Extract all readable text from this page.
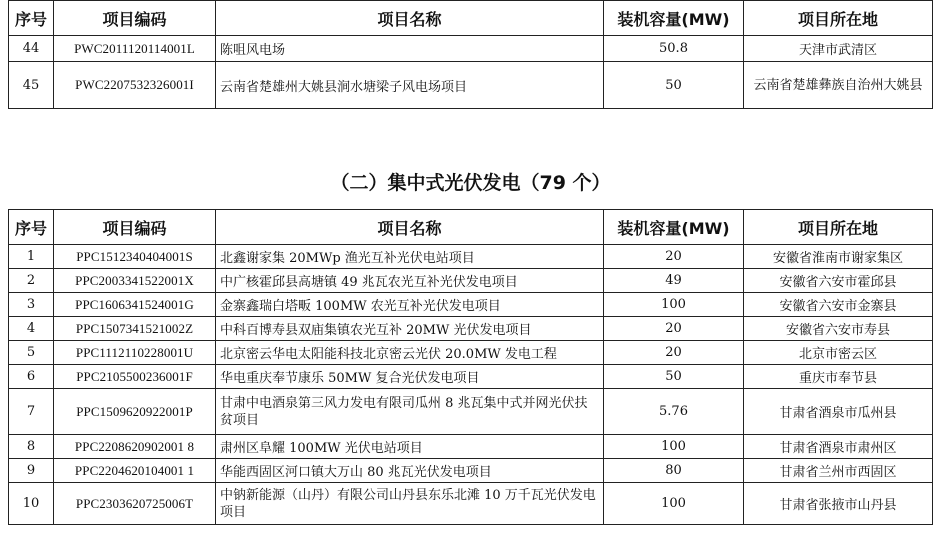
序号	项目编码	项目名称	装机容量(MW)	项目所在地
44	PWC2011120114001L	陈咀风电场	50.8	天津市武清区
45	PWC2207532326001I	云南省楚雄州大姚县涧水塘梁子风电场项目	50	云南省楚雄彝族自治州大姚县
（二）集中式光伏发电（79 个）
序号	项目编码	项目名称	装机容量(MW)	项目所在地
1	PPC1512340404001S	北鑫谢家集 20MWp 渔光互补光伏电站项目	20	安徽省淮南市谢家集区
2	PPC2003341522001X	中广核霍邱县高塘镇 49 兆瓦农光互补光伏发电项目	49	安徽省六安市霍邱县
3	PPC1606341524001G	金寨鑫瑞白塔畈 100MW 农光互补光伏发电项目	100	安徽省六安市金寨县
4	PPC1507341521002Z	中科百博寿县双庙集镇农光互补 20MW 光伏发电项目	20	安徽省六安市寿县
5	PPC1112110228001U	北京密云华电太阳能科技北京密云光伏 20.0MW 发电工程	20	北京市密云区
6	PPC2105500236001F	华电重庆奉节康乐 50MW 复合光伏发电项目	50	重庆市奉节县
7	PPC1509620922001P	甘肃中电酒泉第三风力发电有限司瓜州 8 兆瓦集中式并网光伏扶贫项目	5.76	甘肃省酒泉市瓜州县
8	PPC2208620902001 8	肃州区阜耀 100MW 光伏电站项目	100	甘肃省酒泉市肃州区
9	PPC2204620104001 1	华能西固区河口镇大万山 80 兆瓦光伏发电项目	80	甘肃省兰州市西固区
10	PPC2303620725006T	中钠新能源（山丹）有限公司山丹县东乐北滩 10 万千瓦光伏发电项目	100	甘肃省张掖市山丹县
